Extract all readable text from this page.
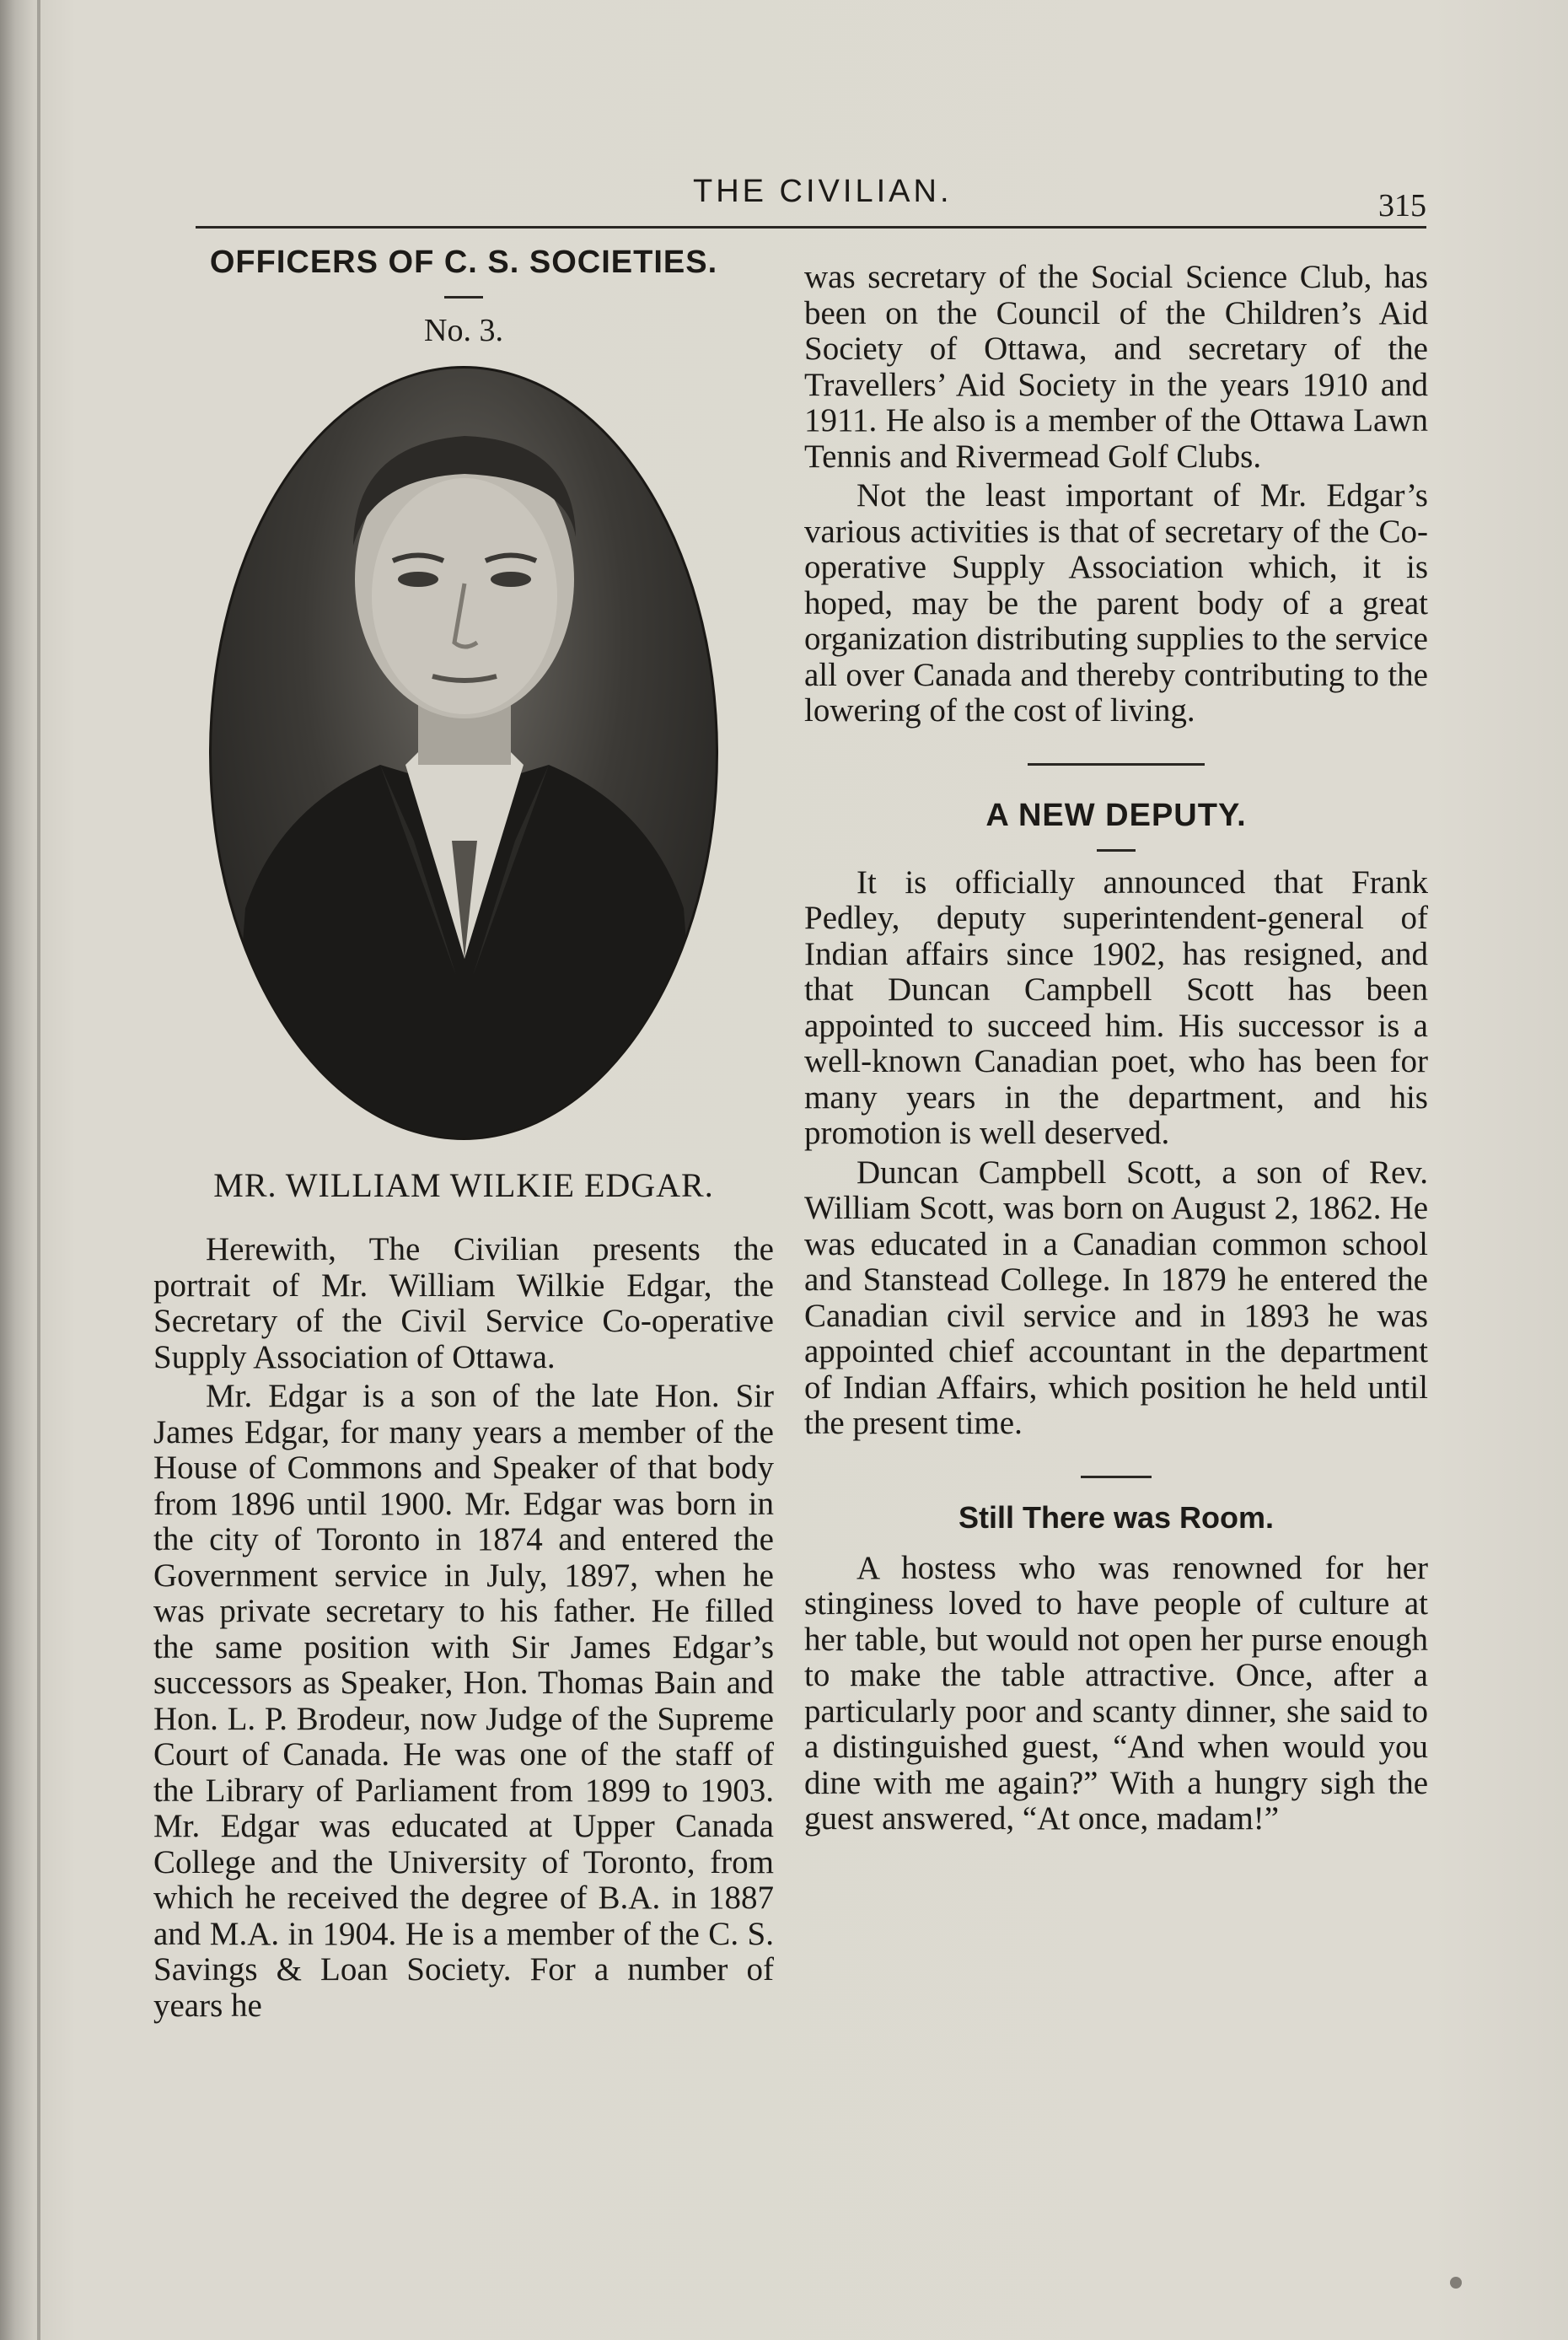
THE CIVILIAN.	315
OFFICERS OF C. S. SOCIETIES.
No. 3.
MR. WILLIAM WILKIE EDGAR.

Herewith, The Civilian presents the portrait of Mr. William Wilkie Edgar, the Secretary of the Civil Service Co-operative Supply Association of Ottawa.

Mr. Edgar is a son of the late Hon. Sir James Edgar, for many years a member of the House of Commons and Speaker of that body from 1896 until 1900. Mr. Edgar was born in the city of Toronto in 1874 and entered the Government service in July, 1897, when he was private secretary to his father. He filled the same position with Sir James Edgar’s successors as Speaker, Hon. Thomas Bain and Hon. L. P. Brodeur, now Judge of the Supreme Court of Canada. He was one of the staff of the Library of Parliament from 1899 to 1903. Mr. Edgar was educated at Upper Canada College and the University of Toronto, from which he received the degree of B.A. in 1887 and M.A. in 1904. He is a member of the C. S. Savings & Loan Society. For a number of years he

was secretary of the Social Science Club, has been on the Council of the Children’s Aid Society of Ottawa, and secretary of the Travellers’ Aid Society in the years 1910 and 1911. He also is a member of the Ottawa Lawn Tennis and Rivermead Golf Clubs.

Not the least important of Mr. Edgar’s various activities is that of secretary of the Co-operative Supply Association which, it is hoped, may be the parent body of a great organization distributing supplies to the service all over Canada and thereby contributing to the lowering of the cost of living.

A NEW DEPUTY.

It is officially announced that Frank Pedley, deputy superintendent-general of Indian affairs since 1902, has resigned, and that Duncan Campbell Scott has been appointed to succeed him. His successor is a well-known Canadian poet, who has been for many years in the department, and his promotion is well deserved.

Duncan Campbell Scott, a son of Rev. William Scott, was born on August 2, 1862. He was educated in a Canadian common school and Stanstead College. In 1879 he entered the Canadian civil service and in 1893 he was appointed chief accountant in the department of Indian Affairs, which position he held until the present time.

Still There was Room.

A hostess who was renowned for her stinginess loved to have people of culture at her table, but would not open her purse enough to make the table attractive. Once, after a particularly poor and scanty dinner, she said to a distinguished guest, “And when would you dine with me again?” With a hungry sigh the guest answered, “At once, madam!”
